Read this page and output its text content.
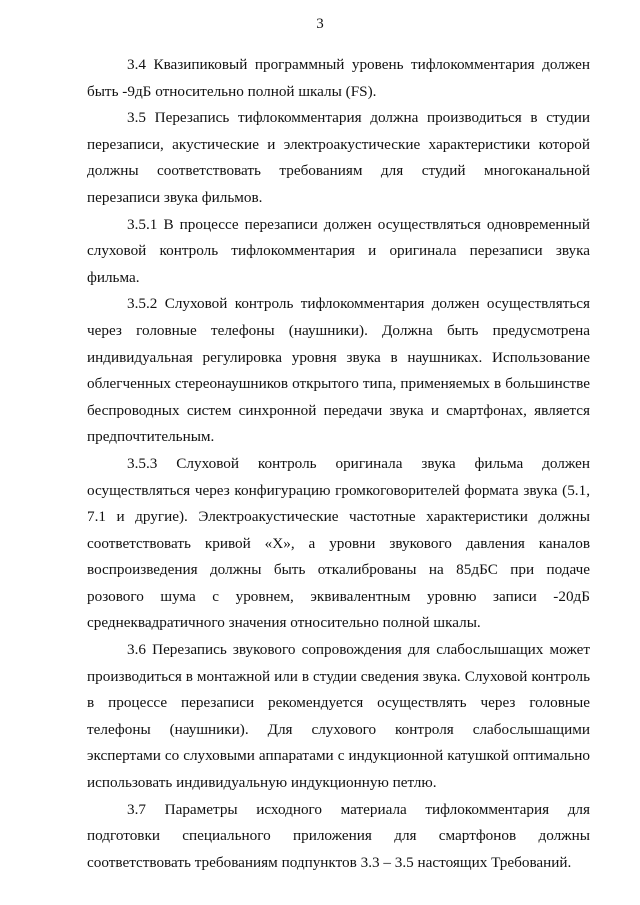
3

3.4 Квазипиковый программный уровень тифлокомментария должен быть -9дБ относительно полной шкалы (FS).

3.5 Перезапись тифлокомментария должна производиться в студии перезаписи, акустические и электроакустические характеристики которой должны соответствовать требованиям для студий многоканальной перезаписи звука фильмов.

3.5.1 В процессе перезаписи должен осуществляться одновременный слуховой контроль тифлокомментария и оригинала перезаписи звука фильма.

3.5.2 Слуховой контроль тифлокомментария должен осуществляться через головные телефоны (наушники). Должна быть предусмотрена индивидуальная регулировка уровня звука в наушниках. Использование облегченных стереонаушников открытого типа, применяемых в большинстве беспроводных систем синхронной передачи звука и смартфонах, является предпочтительным.

3.5.3 Слуховой контроль оригинала звука фильма должен осуществляться через конфигурацию громкоговорителей формата звука (5.1, 7.1 и другие). Электроакустические частотные характеристики должны соответствовать кривой «Х», а уровни звукового давления каналов воспроизведения должны быть откалиброваны на 85дБС при подаче розового шума с уровнем, эквивалентным уровню записи -20дБ среднеквадратичного значения относительно полной шкалы.

3.6 Перезапись звукового сопровождения для слабослышащих может производиться в монтажной или в студии сведения звука. Слуховой контроль в процессе перезаписи рекомендуется осуществлять через головные телефоны (наушники). Для слухового контроля слабослышащими экспертами со слуховыми аппаратами с индукционной катушкой оптимально использовать индивидуальную индукционную петлю.

3.7 Параметры исходного материала тифлокомментария для подготовки специального приложения для смартфонов должны соответствовать требованиям подпунктов 3.3 – 3.5 настоящих Требований.
